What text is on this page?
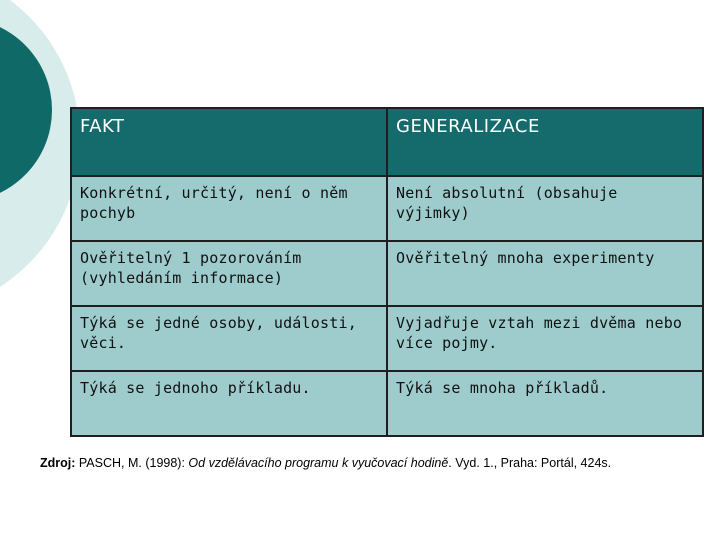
FAKT	GENERALIZACE
Konkrétní, určitý, není o něm pochyb	Není absolutní (obsahuje výjimky)
Ověřitelný 1 pozorováním (vyhledáním informace)	Ověřitelný mnoha experimenty
Týká se jedné osoby, události, věci.	Vyjadřuje vztah mezi dvěma nebo více pojmy.
Týká se jednoho příkladu.	Týká se mnoha příkladů.
Zdroj: PASCH, M. (1998): Od vzdělávacího programu k vyučovací hodině. Vyd. 1., Praha: Portál, 424s.
